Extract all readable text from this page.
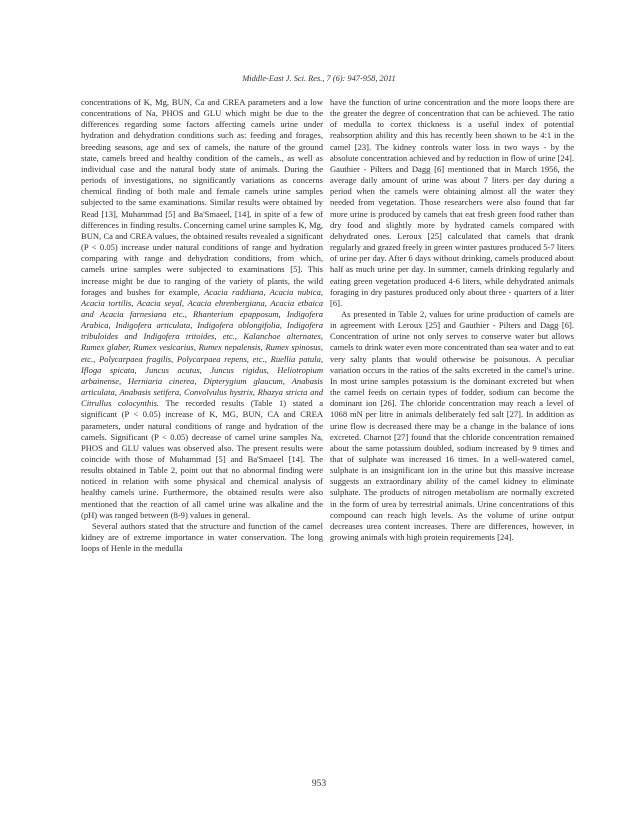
Middle-East J. Sci. Res., 7 (6): 947-958, 2011

concentrations of K, Mg, BUN, Ca and CREA parameters and a low concentrations of Na, PHOS and GLU which might be due to the differences regarding some factors affecting camels urine under hydration and dehydration conditions such as: feeding and forages, breeding seasons, age and sex of camels, the nature of the ground state, camels breed and healthy condition of the camels., as well as individual case and the natural body state of animals. During the periods of investigations, no significantly variations as concerns chemical finding of both male and female camels urine samples subjected to the same examinations. Similar results were obtained by Read [13], Muhammad [5] and Ba'Smaeel, [14], in spite of a few of differences in finding results. Concerning camel urine samples K, Mg, BUN, Ca and CREA values, the obtained results revealed a significant (P < 0.05) increase under natural conditions of range and hydration comparing with range and dehydration conditions, from which, camels urine samples were subjected to examinations [5]. This increase might be due to ranging of the variety of plants, the wild forages and bushes for example, Acacia raddiana, Acacia nubica, Acacia tortilis, Acacia seyal, Acacia ehrenbergiana, Acacia etbaica and Acacia farnesiana etc., Rhanterium epapposum, Indigofera Arabica, Indigofera articulata, Indigofera oblongifolia, Indigofera tribuloides and Indigofera tritoides, etc., Kalanchoe alternates, Rumex glaber, Rumex vesicarius, Rumex nepalensis, Rumex spinosus, etc., Polycarpaea fragilis, Polycarpaea repens, etc., Ruellia patula, Ifloga spicata, Juncus acutus, Juncus rigidus, Heliotropium arbainense, Herniaria cinerea, Dipterygium glaucum, Anabasis articulata, Anabasis setifera, Convolvulus hystrix, Rhazya stricta and Citrullus colocynthis. The recorded results (Table 1) stated a significant (P < 0.05) increase of K, MG, BUN, CA and CREA parameters, under natural conditions of range and hydration of the camels. Significant (P < 0.05) decrease of camel urine samples Na, PHOS and GLU values was observed also. The present results were coincide with those of Muhammad [5] and Ba'Smaeel [14]. The results obtained in Table 2, point out that no abnormal finding were noticed in relation with some physical and chemical analysis of healthy camels urine. Furthermore, the obtained results were also mentioned that the reaction of all camel urine was alkaline and the (pH) was ranged between (8-9) values in general.

Several authors stated that the structure and function of the camel kidney are of extreme importance in water conservation. The long loops of Henle in the medulla

have the function of urine concentration and the more loops there are the greater the degree of concentration that can be achieved. The ratio of medulla to cortex thickness is a useful index of potential reabsorption ability and this has recently been shown to be 4:1 in the camel [23]. The kidney controls water loss in two ways - by the absolute concentration achieved and by reduction in flow of urine [24]. Gauthier - Pilters and Dagg [6] mentioned that in March 1956, the average daily amount of urine was about 7 liters per day during a period when the camels were obtaining almost all the water they needed from vegetation. Those researchers were also found that far more urine is produced by camels that eat fresh green food rather than dry food and slightly more by hydrated camels compared with dehydrated ones. Leroux [25] calculated that camels that drank regularly and grazed freely in green winter pastures produced 5-7 liters of urine per day. After 6 days without drinking, camels produced about half as much urine per day. In summer, camels drinking regularly and eating green vegetation produced 4-6 liters, while dehydrated animals foraging in dry pastures produced only about three - quarters of a liter [6].

As presented in Table 2, values for urine production of camels are in agreement with Leroux [25] and Gauthier - Pilters and Dagg [6]. Concentration of urine not only serves to conserve water but allows camels to drink water even more concentrated than sea water and to eat very salty plants that would otherwise be poisonous. A peculiar variation occurs in the ratios of the salts excreted in the camel's urine. In most urine samples potassium is the dominant excreted but when the camel feeds on certain types of fodder, sodium can become the dominant ion [26]. The chloride concentration may reach a level of 1068 mN per litre in animals deliberately fed salt [27]. In addition as urine flow is decreased there may be a change in the balance of ions excreted. Charnot [27] found that the chloride concentration remained about the same potassium doubled, sodium increased by 9 times and that of sulphate was increased 16 times. In a well-watered camel, sulphate is an insignificant ion in the urine but this massive increase suggests an extraordinary ability of the camel kidney to eliminate sulphate. The products of nitrogen metabolism are normally excreted in the form of urea by terrestrial animals. Urine concentrations of this compound can reach high levels. As the volume of urine output decreases urea content increases. There are differences, however, in growing animals with high protein requirements [24].

953
